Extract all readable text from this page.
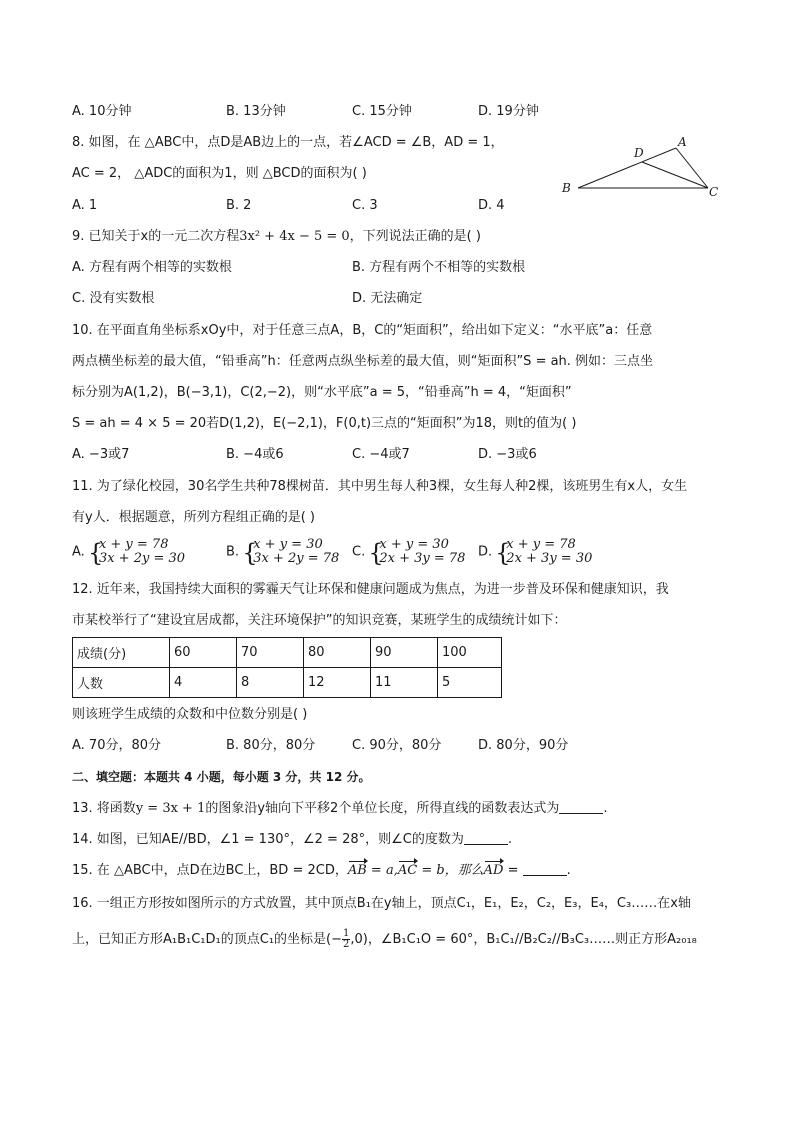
A. 10分钟	B. 13分钟	C. 15分钟	D. 19分钟
8. 如图，在 △ABC中，点D是AB边上的一点，若∠ACD = ∠B，AD = 1，
AC = 2， △ADC的面积为1，则 △BCD的面积为( )
A
B	C
D
A. 1	B. 2	C. 3	D. 4
9. 已知关于x的一元二次方程3x² + 4x − 5 = 0，下列说法正确的是( )
A. 方程有两个相等的实数根	B. 方程有两个不相等的实数根
C. 没有实数根	D. 无法确定
10. 在平面直角坐标系xOy中，对于任意三点A，B，C的“矩面积”，给出如下定义：“水平底”a：任意
两点横坐标差的最大值，“铅垂高”h：任意两点纵坐标差的最大值，则“矩面积”S = ah. 例如：三点坐
标分别为A(1,2)，B(−3,1)，C(2,−2)，则“水平底”a = 5，“铅垂高”h = 4，“矩面积”
S = ah = 4 × 5 = 20若D(1,2)，E(−2,1)，F(0,t)三点的“矩面积”为18，则t的值为( )
A. −3或7	B. −4或6	C. −4或7	D. −3或6
11. 为了绿化校园，30名学生共种78棵树苗．其中男生每人种3棵，女生每人种2棵，该班男生有x人，女生
有y人．根据题意，所列方程组正确的是( )
A. {
x + y = 78
3x + 2y = 30	B. {
x + y = 30
3x + 2y = 78 C. {
x + y = 30
2x + 3y = 78 D. {
x + y = 78
2x + 3y = 30
12. 近年来，我国持续大面积的雾霾天气让环保和健康问题成为焦点，为进一步普及环保和健康知识，我
市某校举行了“建设宜居成都，关注环境保护”的知识竞赛，某班学生的成绩统计如下：
成绩(分)	60	70	80	90	100
人数	4	8	12	11	5
则该班学生成绩的众数和中位数分别是( )
A. 70分，80分	B. 80分，80分	C. 90分，80分	D. 80分，90分
二、填空题：本题共 4 小题，每小题 3 分，共 12 分。
13. 将函数y = 3x + 1的图象沿y轴向下平移2个单位长度，所得直线的函数表达式为	.
14. 如图，已知AE//BD，∠1 = 130°，∠2 = 28°，则∠C的度数为	.
15. 在 △ABC中，点D在边BC上，BD = 2CD，AB = a,AC = b，那么AD =	.
16. 一组正方形按如图所示的方式放置，其中顶点B₁在y轴上，顶点C₁，E₁，E₂，C₂，E₃，E₄，C₃……在x轴
上，已知正方形A₁B₁C₁D₁的顶点C₁的坐标是(− $\frac{1}{2} ,0$)，∠B₁C₁O = 60°，B₁C₁//B₂C₂//B₃C₃……则正方形A₂₀₁₈
